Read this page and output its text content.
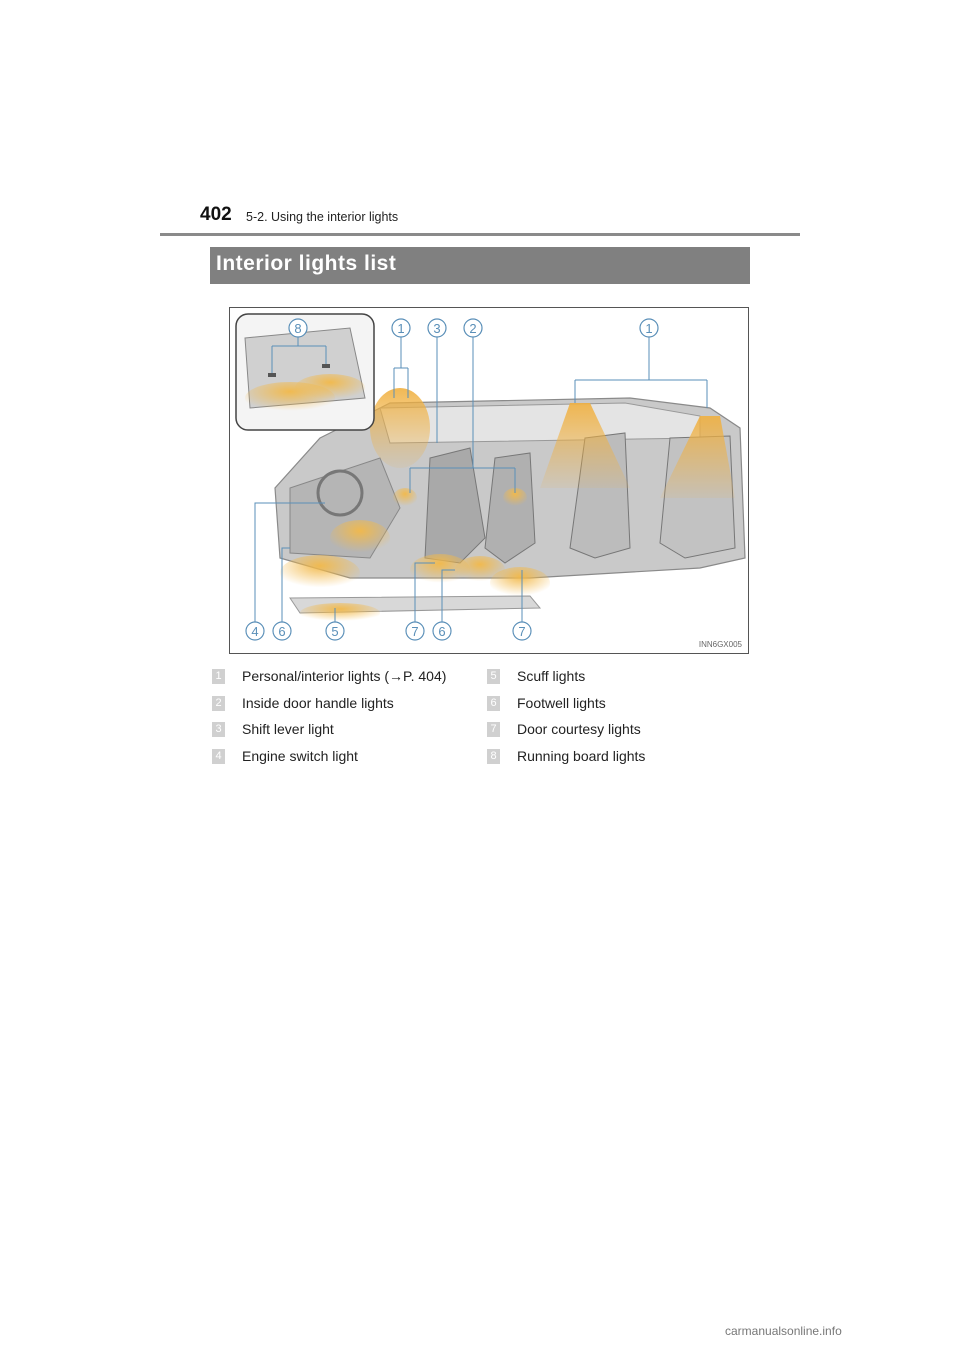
402 5-2. Using the interior lights
Interior lights list
8	1 3 2	1
4 6	5	7 6	7
INN6GX005
1 Personal/interior lights (→P. 404)
2 Inside door handle lights
3 Shift lever light
4 Engine switch light
5 Scuff lights
6 Footwell lights
7 Door courtesy lights
8 Running board lights
carmanualsonline.info
